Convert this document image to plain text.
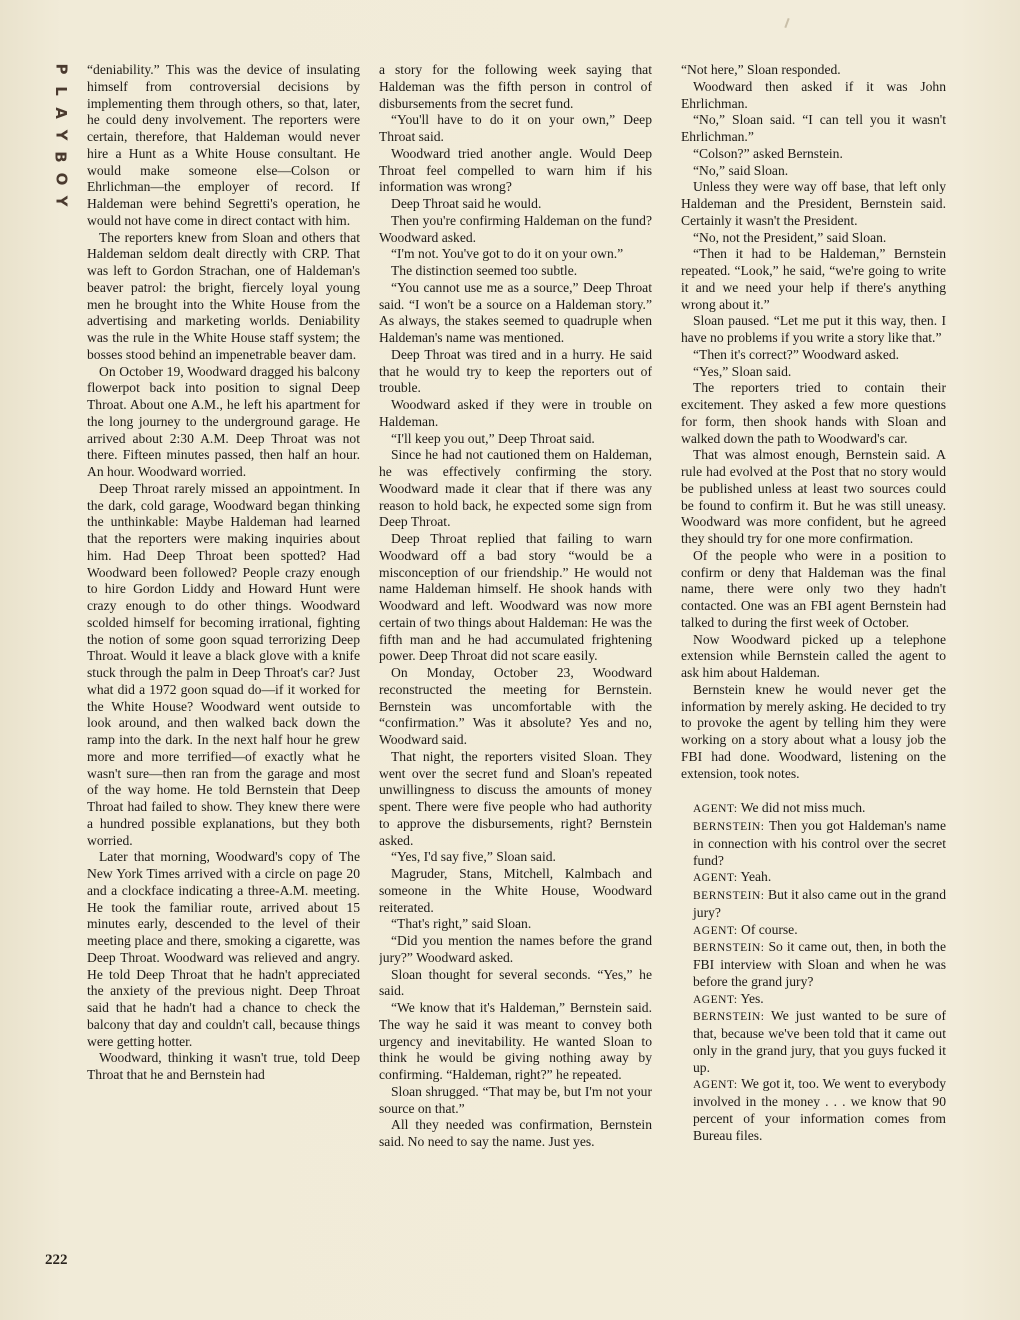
P
L
A
Y
B
O
Y

“deniability.” This was the device of insulating himself from controversial decisions by implementing them through others, so that, later, he could deny involvement. The reporters were certain, therefore, that Haldeman would never hire a Hunt as a White House consultant. He would make someone else—Colson or Ehrlichman—the employer of record. If Haldeman were behind Segretti's operation, he would not have come in direct contact with him.

The reporters knew from Sloan and others that Haldeman seldom dealt directly with CRP. That was left to Gordon Strachan, one of Haldeman's beaver patrol: the bright, fiercely loyal young men he brought into the White House from the advertising and marketing worlds. Deniability was the rule in the White House staff system; the bosses stood behind an impenetrable beaver dam.

On October 19, Woodward dragged his balcony flowerpot back into position to signal Deep Throat. About one A.M., he left his apartment for the long journey to the underground garage. He arrived about 2:30 A.M. Deep Throat was not there. Fifteen minutes passed, then half an hour. An hour. Woodward worried.

Deep Throat rarely missed an appointment. In the dark, cold garage, Woodward began thinking the unthinkable: Maybe Haldeman had learned that the reporters were making inquiries about him. Had Deep Throat been spotted? Had Woodward been followed? People crazy enough to hire Gordon Liddy and Howard Hunt were crazy enough to do other things. Woodward scolded himself for becoming irrational, fighting the notion of some goon squad terrorizing Deep Throat. Would it leave a black glove with a knife stuck through the palm in Deep Throat's car? Just what did a 1972 goon squad do—if it worked for the White House? Woodward went outside to look around, and then walked back down the ramp into the dark. In the next half hour he grew more and more terrified—of exactly what he wasn't sure—then ran from the garage and most of the way home. He told Bernstein that Deep Throat had failed to show. They knew there were a hundred possible explanations, but they both worried.

Later that morning, Woodward's copy of The New York Times arrived with a circle on page 20 and a clockface indicating a three-A.M. meeting. He took the familiar route, arrived about 15 minutes early, descended to the level of their meeting place and there, smoking a cigarette, was Deep Throat. Woodward was relieved and angry. He told Deep Throat that he hadn't appreciated the anxiety of the previous night. Deep Throat said that he hadn't had a chance to check the balcony that day and couldn't call, because things were getting hotter.

Woodward, thinking it wasn't true, told Deep Throat that he and Bernstein had

a story for the following week saying that Haldeman was the fifth person in control of disbursements from the secret fund.

“You'll have to do it on your own,” Deep Throat said.

Woodward tried another angle. Would Deep Throat feel compelled to warn him if his information was wrong?

Deep Throat said he would.

Then you're confirming Haldeman on the fund? Woodward asked.

“I'm not. You've got to do it on your own.”

The distinction seemed too subtle.

“You cannot use me as a source,” Deep Throat said. “I won't be a source on a Haldeman story.” As always, the stakes seemed to quadruple when Haldeman's name was mentioned.

Deep Throat was tired and in a hurry. He said that he would try to keep the reporters out of trouble.

Woodward asked if they were in trouble on Haldeman.

“I'll keep you out,” Deep Throat said.

Since he had not cautioned them on Haldeman, he was effectively confirming the story. Woodward made it clear that if there was any reason to hold back, he expected some sign from Deep Throat.

Deep Throat replied that failing to warn Woodward off a bad story “would be a misconception of our friendship.” He would not name Haldeman himself. He shook hands with Woodward and left. Woodward was now more certain of two things about Haldeman: He was the fifth man and he had accumulated frightening power. Deep Throat did not scare easily.

On Monday, October 23, Woodward reconstructed the meeting for Bernstein. Bernstein was uncomfortable with the “confirmation.” Was it absolute? Yes and no, Woodward said.

That night, the reporters visited Sloan. They went over the secret fund and Sloan's repeated unwillingness to discuss the amounts of money spent. There were five people who had authority to approve the disbursements, right? Bernstein asked.

“Yes, I'd say five,” Sloan said.

Magruder, Stans, Mitchell, Kalmbach and someone in the White House, Woodward reiterated.

“That's right,” said Sloan.

“Did you mention the names before the grand jury?” Woodward asked.

Sloan thought for several seconds. “Yes,” he said.

“We know that it's Haldeman,” Bernstein said. The way he said it was meant to convey both urgency and inevitability. He wanted Sloan to think he would be giving nothing away by confirming. “Haldeman, right?” he repeated.

Sloan shrugged. “That may be, but I'm not your source on that.”

All they needed was confirmation, Bernstein said. No need to say the name. Just yes.

“Not here,” Sloan responded.

Woodward then asked if it was John Ehrlichman.

“No,” Sloan said. “I can tell you it wasn't Ehrlichman.”

“Colson?” asked Bernstein.

“No,” said Sloan.

Unless they were way off base, that left only Haldeman and the President, Bernstein said. Certainly it wasn't the President.

“No, not the President,” said Sloan.

“Then it had to be Haldeman,” Bernstein repeated. “Look,” he said, “we're going to write it and we need your help if there's anything wrong about it.”

Sloan paused. “Let me put it this way, then. I have no problems if you write a story like that.”

“Then it's correct?” Woodward asked.

“Yes,” Sloan said.

The reporters tried to contain their excitement. They asked a few more questions for form, then shook hands with Sloan and walked down the path to Woodward's car.

That was almost enough, Bernstein said. A rule had evolved at the Post that no story would be published unless at least two sources could be found to confirm it. But he was still uneasy. Woodward was more confident, but he agreed they should try for one more confirmation.

Of the people who were in a position to confirm or deny that Haldeman was the final name, there were only two they hadn't contacted. One was an FBI agent Bernstein had talked to during the first week of October.

Now Woodward picked up a telephone extension while Bernstein called the agent to ask him about Haldeman.

Bernstein knew he would never get the information by merely asking. He decided to try to provoke the agent by telling him they were working on a story about what a lousy job the FBI had done. Woodward, listening on the extension, took notes.

AGENT: We did not miss much.

BERNSTEIN: Then you got Haldeman's name in connection with his control over the secret fund?

AGENT: Yeah.

BERNSTEIN: But it also came out in the grand jury?

AGENT: Of course.

BERNSTEIN: So it came out, then, in both the FBI interview with Sloan and when he was before the grand jury?

AGENT: Yes.

BERNSTEIN: We just wanted to be sure of that, because we've been told that it came out only in the grand jury, that you guys fucked it up.

AGENT: We got it, too. We went to everybody involved in the money . . . we know that 90 percent of your information comes from Bureau files.

222
